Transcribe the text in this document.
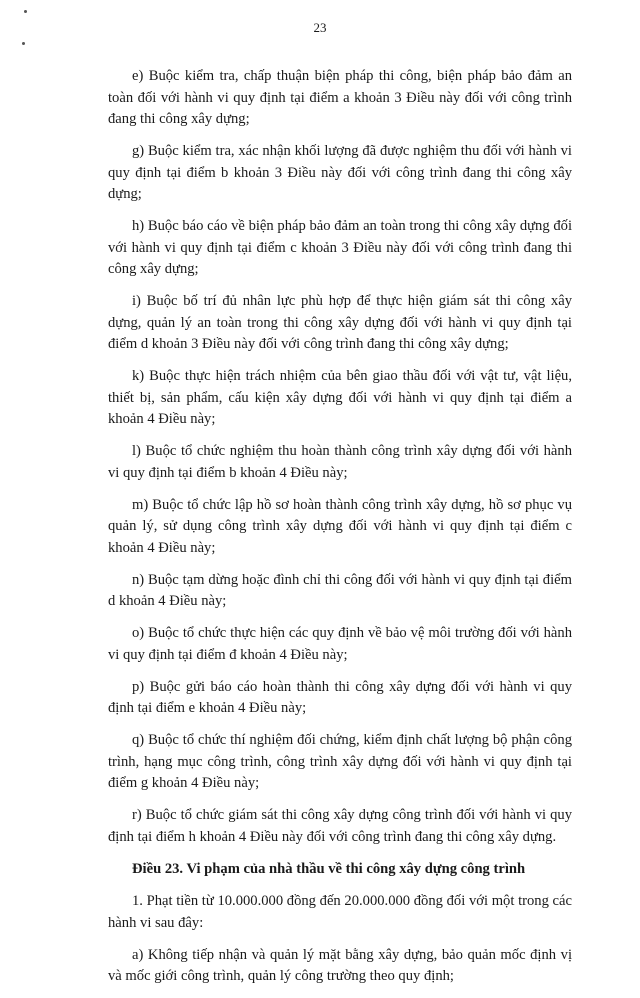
23

e) Buộc kiểm tra, chấp thuận biện pháp thi công, biện pháp bảo đảm an toàn đối với hành vi quy định tại điểm a khoản 3 Điều này đối với công trình đang thi công xây dựng;

g) Buộc kiểm tra, xác nhận khối lượng đã được nghiệm thu đối với hành vi quy định tại điểm b khoản 3 Điều này đối với công trình đang thi công xây dựng;

h) Buộc báo cáo về biện pháp bảo đảm an toàn trong thi công xây dựng đối với hành vi quy định tại điểm c khoản 3 Điều này đối với công trình đang thi công xây dựng;

i) Buộc bố trí đủ nhân lực phù hợp để thực hiện giám sát thi công xây dựng, quản lý an toàn trong thi công xây dựng đối với hành vi quy định tại điểm d khoản 3 Điều này đối với công trình đang thi công xây dựng;

k) Buộc thực hiện trách nhiệm của bên giao thầu đối với vật tư, vật liệu, thiết bị, sản phẩm, cấu kiện xây dựng đối với hành vi quy định tại điểm a khoản 4 Điều này;

l) Buộc tổ chức nghiệm thu hoàn thành công trình xây dựng đối với hành vi quy định tại điểm b khoản 4 Điều này;

m) Buộc tổ chức lập hồ sơ hoàn thành công trình xây dựng, hồ sơ phục vụ quản lý, sử dụng công trình xây dựng đối với hành vi quy định tại điểm c khoản 4 Điều này;

n) Buộc tạm dừng hoặc đình chỉ thi công đối với hành vi quy định tại điểm d khoản 4 Điều này;

o) Buộc tổ chức thực hiện các quy định về bảo vệ môi trường đối với hành vi quy định tại điểm đ khoản 4 Điều này;

p) Buộc gửi báo cáo hoàn thành thi công xây dựng đối với hành vi quy định tại điểm e khoản 4 Điều này;

q) Buộc tổ chức thí nghiệm đối chứng, kiểm định chất lượng bộ phận công trình, hạng mục công trình, công trình xây dựng đối với hành vi quy định tại điểm g khoản 4 Điều này;

r) Buộc tổ chức giám sát thi công xây dựng công trình đối với hành vi quy định tại điểm h khoản 4 Điều này đối với công trình đang thi công xây dựng.

Điều 23. Vi phạm của nhà thầu về thi công xây dựng công trình

1. Phạt tiền từ 10.000.000 đồng đến 20.000.000 đồng đối với một trong các hành vi sau đây:

a) Không tiếp nhận và quản lý mặt bằng xây dựng, bảo quản mốc định vị và mốc giới công trình, quản lý công trường theo quy định;
